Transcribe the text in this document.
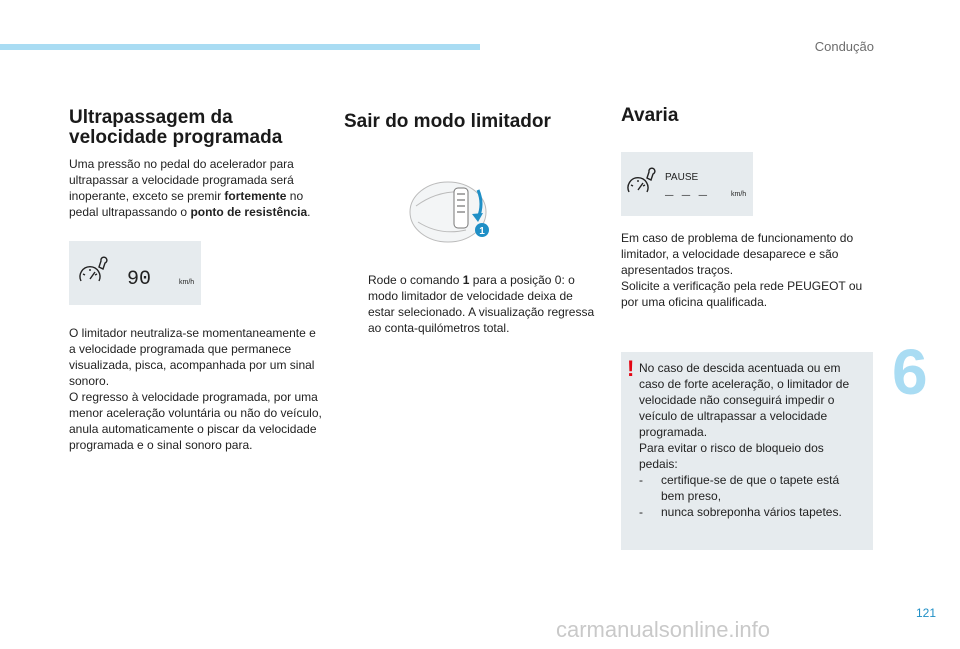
Condução
Ultrapassagem da
velocidade programada

Uma pressão no pedal do acelerador para ultrapassar a velocidade programada será inoperante, exceto se premir fortemente no pedal ultrapassando o ponto de resistência.

90	km/h

O limitador neutraliza-se momentaneamente e a velocidade programada que permanece visualizada, pisca, acompanhada por um sinal sonoro.

O regresso à velocidade programada, por uma menor aceleração voluntária ou não do veículo, anula automaticamente o piscar da velocidade programada e o sinal sonoro para.

Sair do modo limitador
1

Rode o comando 1 para a posição 0: o modo limitador de velocidade deixa de estar selecionado. A visualização regressa ao conta-quilómetros total.

Avaria
PAUSE
_ _ _	km/h

Em caso de problema de funcionamento do limitador, a velocidade desaparece e são apresentados traços.

Solicite a verificação pela rede PEUGEOT ou por uma oficina qualificada.

! No caso de descida acentuada ou em caso de forte aceleração, o limitador de velocidade não conseguirá impedir o veículo de ultrapassar a velocidade programada.

Para evitar o risco de bloqueio dos pedais:

-	certifique-se de que o tapete está bem preso,
-	nunca sobreponha vários tapetes.
6
121
carmanualsonline.info
